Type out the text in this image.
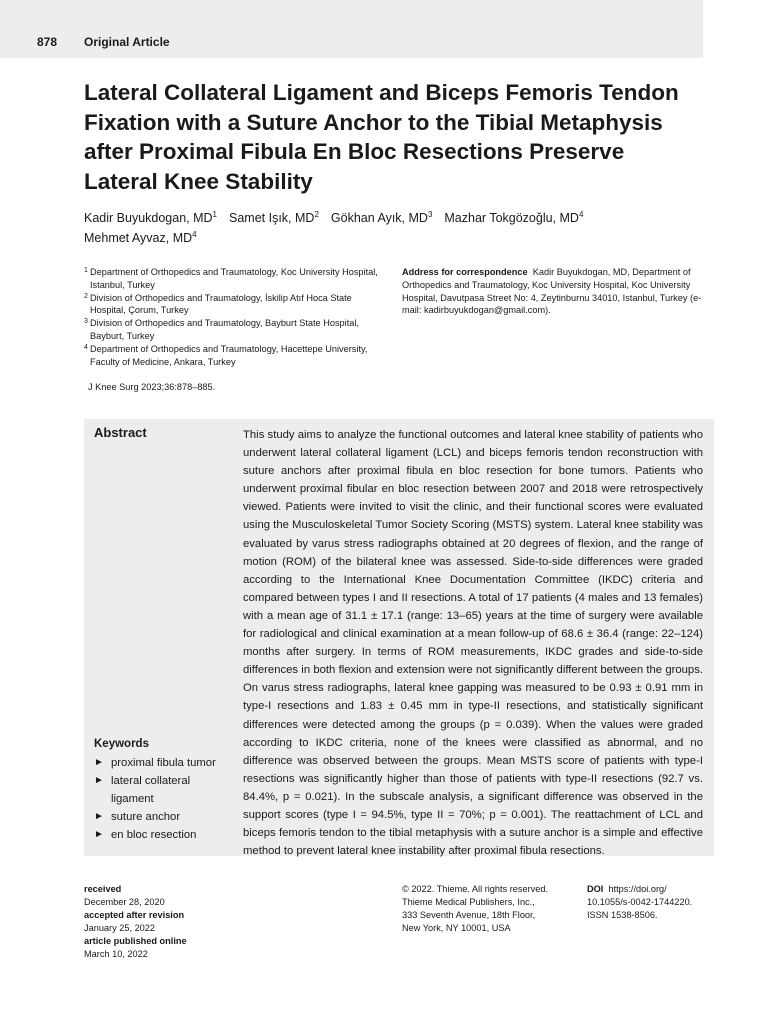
878 Original Article
Lateral Collateral Ligament and Biceps Femoris Tendon Fixation with a Suture Anchor to the Tibial Metaphysis after Proximal Fibula En Bloc Resections Preserve Lateral Knee Stability
Kadir Buyukdogan, $MD^1$ Samet Işık, $MD^2$ Gökhan Ayık, $MD^3$ Mazhar Tokgözoğlu, $MD^4$
Mehmet Ayvaz, $MD^4$
1 Department of Orthopedics and Traumatology, Koc University Hospital, Istanbul, Turkey
2 Division of Orthopedics and Traumatology, İskilip Atıf Hoca State Hospital, Çorum, Turkey
3 Division of Orthopedics and Traumatology, Bayburt State Hospital, Bayburt, Turkey
4 Department of Orthopedics and Traumatology, Hacettepe University, Faculty of Medicine, Ankara, Turkey
Address for correspondence Kadir Buyukdogan, MD, Department of Orthopedics and Traumatology, Koc University Hospital, Koc University Hospital, Davutpasa Street No: 4, Zeytinburnu 34010, Istanbul, Turkey (e-mail: kadirbuyukdogan@gmail.com).
J Knee Surg 2023;36:878–885.
Abstract	This study aims to analyze the functional outcomes and lateral knee stability of patients who underwent lateral collateral ligament (LCL) and biceps femoris tendon reconstruction with suture anchors after proximal fibula en bloc resection for bone tumors. Patients who underwent proximal fibular en bloc resection between 2007 and 2018 were retrospectively viewed. Patients were invited to visit the clinic, and their functional scores were evaluated using the Musculoskeletal Tumor Society Scoring (MSTS) system. Lateral knee stability was evaluated by varus stress radiographs obtained at 20 degrees of flexion, and the range of motion (ROM) of the bilateral knee was assessed. Side-to-side differences were graded according to the International Knee Documentation Committee (IKDC) criteria and compared between types I and II resections. A total of 17 patients (4 males and 13 females) with a mean age of 31.1 ± 17.1 (range: 13–65) years at the time of surgery were available for radiological and clinical examination at a mean follow-up of 68.6 ± 36.4 (range: 22–124) months after surgery. In terms of ROM measurements, IKDC grades and side-to-side differences in both flexion and extension were not significantly different between the groups. On varus stress radiographs, lateral knee gapping was measured to be 0.93 ± 0.91 mm in type-I resections and 1.83 ± 0.45 mm in type-II resections, and statistically significant differences were detected among the groups (p = 0.039). When the values were graded according to IKDC criteria, none of the knees were classified as abnormal, and no difference was observed between the groups. Mean MSTS score of patients with type-I resections was significantly higher than those of patients with type-II resections (92.7 vs. 84.4%, p = 0.021). In the subscale analysis, a significant difference was observed in the support scores (type I = 94.5%, type II = 70%; p = 0.001). The reattachment of LCL and biceps femoris tendon to the tibial metaphysis with a suture anchor is a simple and effective method to prevent lateral knee instability after proximal fibula resections.
Keywords
► proximal fibula tumor
► lateral collateral ligament
► suture anchor
► en bloc resection
received
December 28, 2020
accepted after revision
January 25, 2022
article published online
March 10, 2022
© 2022. Thieme. All rights reserved.
Thieme Medical Publishers, Inc.,
333 Seventh Avenue, 18th Floor,
New York, NY 10001, USA
DOI https://doi.org/
10.1055/s-0042-1744220.
ISSN 1538-8506.
